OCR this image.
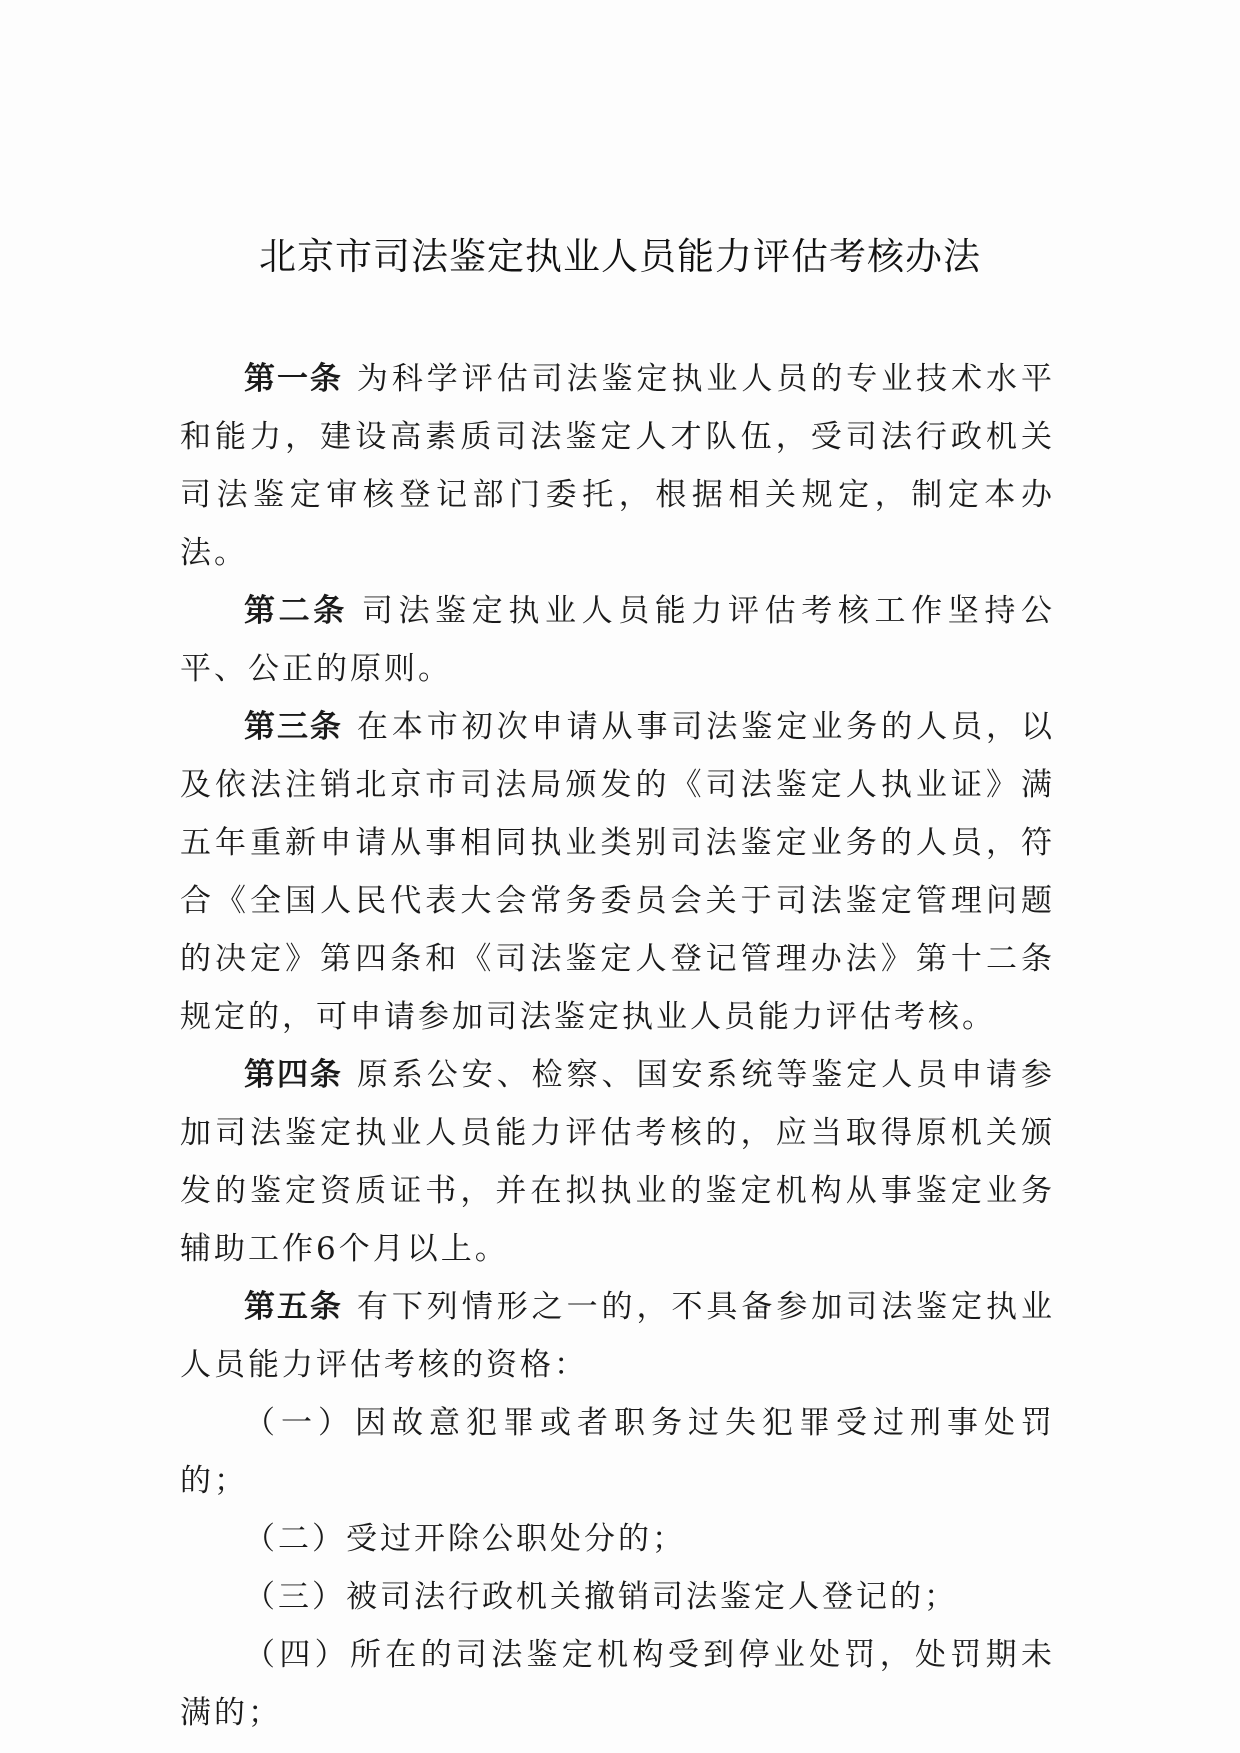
北京市司法鉴定执业人员能力评估考核办法

第一条 为科学评估司法鉴定执业人员的专业技术水平和能力，建设高素质司法鉴定人才队伍，受司法行政机关司法鉴定审核登记部门委托，根据相关规定，制定本办法。

第二条 司法鉴定执业人员能力评估考核工作坚持公平、公正的原则。

第三条 在本市初次申请从事司法鉴定业务的人员，以及依法注销北京市司法局颁发的《司法鉴定人执业证》满五年重新申请从事相同执业类别司法鉴定业务的人员，符合《全国人民代表大会常务委员会关于司法鉴定管理问题的决定》第四条和《司法鉴定人登记管理办法》第十二条规定的，可申请参加司法鉴定执业人员能力评估考核。

第四条 原系公安、检察、国安系统等鉴定人员申请参加司法鉴定执业人员能力评估考核的，应当取得原机关颁发的鉴定资质证书，并在拟执业的鉴定机构从事鉴定业务辅助工作6个月以上。

第五条 有下列情形之一的，不具备参加司法鉴定执业人员能力评估考核的资格：

（一）因故意犯罪或者职务过失犯罪受过刑事处罚的；

（二）受过开除公职处分的；

（三）被司法行政机关撤销司法鉴定人登记的；

（四）所在的司法鉴定机构受到停业处罚，处罚期未满的；
